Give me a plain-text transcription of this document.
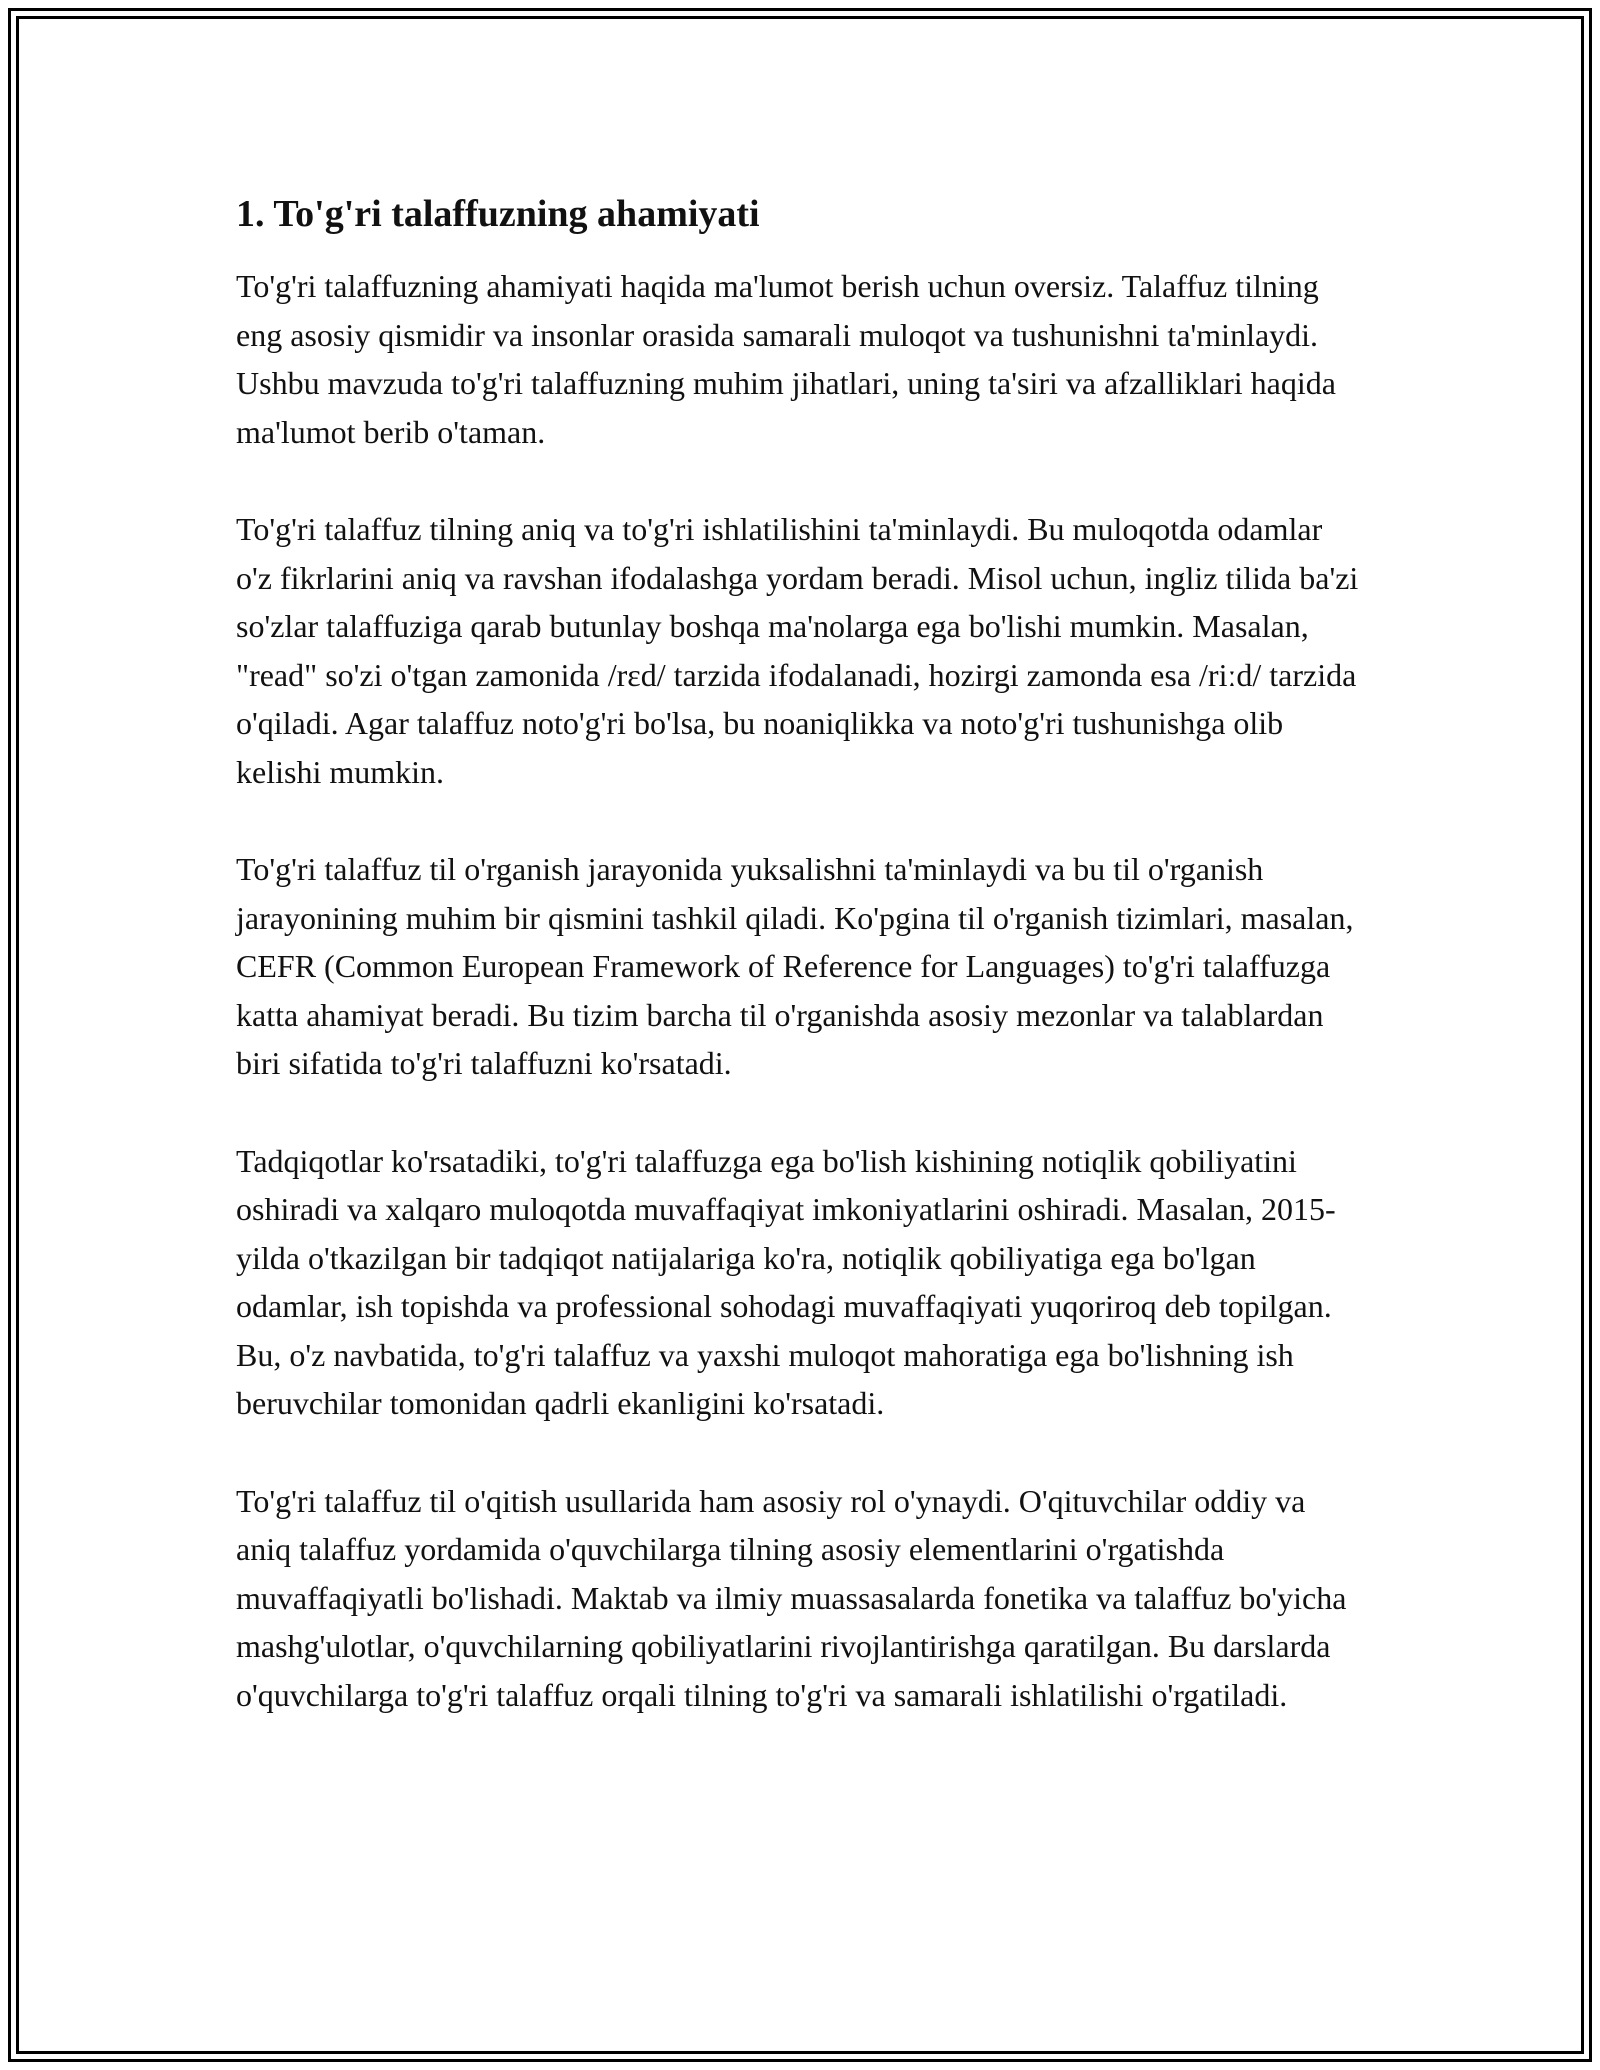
1. To'g'ri talaffuzning ahamiyati

To'g'ri talaffuzning ahamiyati haqida ma'lumot berish uchun oversiz. Talaffuz tilning eng asosiy qismidir va insonlar orasida samarali muloqot va tushunishni ta'minlaydi. Ushbu mavzuda to'g'ri talaffuzning muhim jihatlari, uning ta'siri va afzalliklari haqida ma'lumot berib o'taman.

To'g'ri talaffuz tilning aniq va to'g'ri ishlatilishini ta'minlaydi. Bu muloqotda odamlar o'z fikrlarini aniq va ravshan ifodalashga yordam beradi. Misol uchun, ingliz tilida ba'zi so'zlar talaffuziga qarab butunlay boshqa ma'nolarga ega bo'lishi mumkin. Masalan, "read" so'zi o'tgan zamonida /rɛd/ tarzida ifodalanadi, hozirgi zamonda esa /riːd/ tarzida o'qiladi. Agar talaffuz noto'g'ri bo'lsa, bu noaniqlikka va noto'g'ri tushunishga olib kelishi mumkin.

To'g'ri talaffuz til o'rganish jarayonida yuksalishni ta'minlaydi va bu til o'rganish jarayonining muhim bir qismini tashkil qiladi. Ko'pgina til o'rganish tizimlari, masalan, CEFR (Common European Framework of Reference for Languages) to'g'ri talaffuzga katta ahamiyat beradi. Bu tizim barcha til o'rganishda asosiy mezonlar va talablardan biri sifatida to'g'ri talaffuzni ko'rsatadi.

Tadqiqotlar ko'rsatadiki, to'g'ri talaffuzga ega bo'lish kishining notiqlik qobiliyatini oshiradi va xalqaro muloqotda muvaffaqiyat imkoniyatlarini oshiradi. Masalan, 2015-yilda o'tkazilgan bir tadqiqot natijalariga ko'ra, notiqlik qobiliyatiga ega bo'lgan odamlar, ish topishda va professional sohodagi muvaffaqiyati yuqoriroq deb topilgan. Bu, o'z navbatida, to'g'ri talaffuz va yaxshi muloqot mahoratiga ega bo'lishning ish beruvchilar tomonidan qadrli ekanligini ko'rsatadi.

To'g'ri talaffuz til o'qitish usullarida ham asosiy rol o'ynaydi. O'qituvchilar oddiy va aniq talaffuz yordamida o'quvchilarga tilning asosiy elementlarini o'rgatishda muvaffaqiyatli bo'lishadi. Maktab va ilmiy muassasalarda fonetika va talaffuz bo'yicha mashg'ulotlar, o'quvchilarning qobiliyatlarini rivojlantirishga qaratilgan. Bu darslarda o'quvchilarga to'g'ri talaffuz orqali tilning to'g'ri va samarali ishlatilishi o'rgatiladi.
